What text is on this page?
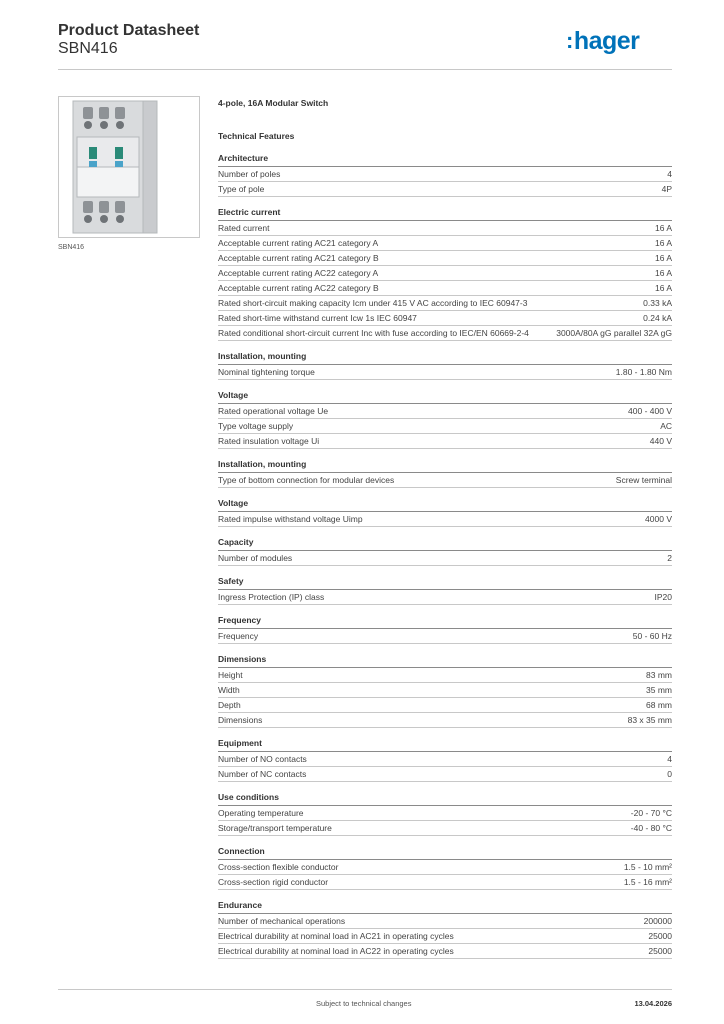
Product Datasheet
SBN416	:hager
SBN416
4-pole, 16A Modular Switch
Technical Features
Architecture
Number of poles	4
Type of pole	4P
Electric current
Rated current	16 A
Acceptable current rating AC21 category A	16 A
Acceptable current rating AC21 category B	16 A
Acceptable current rating AC22 category A	16 A
Acceptable current rating AC22 category B	16 A
Rated short-circuit making capacity Icm under 415 V AC according to IEC 60947-3	0.33 kA
Rated short-time withstand current Icw 1s IEC 60947	0.24 kA
Rated conditional short-circuit current Inc with fuse according to IEC/EN 60669-2-4	3000A/80A gG parallel 32A gG
Installation, mounting
Nominal tightening torque	1.80 - 1.80 Nm
Voltage
Rated operational voltage Ue	400 - 400 V
Type voltage supply	AC
Rated insulation voltage Ui	440 V
Installation, mounting
Type of bottom connection for modular devices	Screw terminal
Voltage
Rated impulse withstand voltage Uimp	4000 V
Capacity
Number of modules	2
Safety
Ingress Protection (IP) class	IP20
Frequency
Frequency	50 - 60 Hz
Dimensions
Height	83 mm
Width	35 mm
Depth	68 mm
Dimensions	83 x 35 mm
Equipment
Number of NO contacts	4
Number of NC contacts	0
Use conditions
Operating temperature	-20 - 70 °C
Storage/transport temperature	-40 - 80 °C
Connection
Cross-section flexible conductor	1.5 - 10 mm²
Cross-section rigid conductor	1.5 - 16 mm²
Endurance
Number of mechanical operations	200000
Electrical durability at nominal load in AC21 in operating cycles	25000
Electrical durability at nominal load in AC22 in operating cycles	25000
Subject to technical changes	13.04.2026
